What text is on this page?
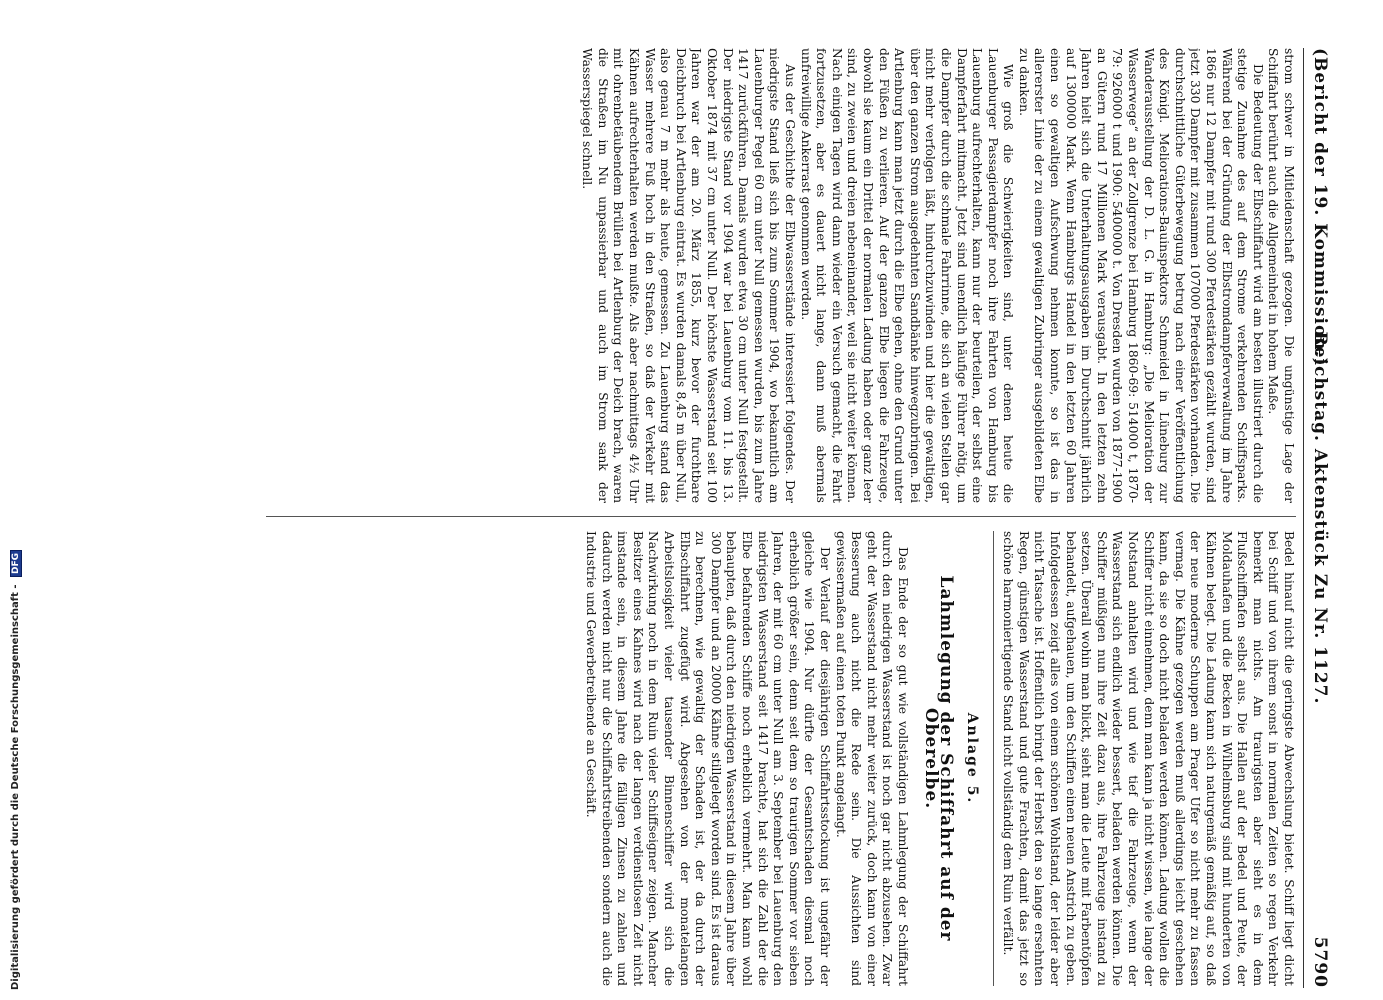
5790
Reichstag. Aktenstück Zu Nr. 1127.
(Bericht der 19. Kommission.)

Bedel hinauf nicht die geringste Abwechslung bietet. Schiff liegt dicht bei Schiff und von ihrem sonst in normalen Zeiten so regen Verkehr bemerkt man nichts. Am traurigsten aber sieht es in dem Flußschiffhafen selbst aus. Die Hallen auf der Bedel und Peute, der Moldauhafen und die Becken in Wilhelmsburg sind mit hunderten von Kähnen belegt. Die Ladung kann sich naturgemäß gemäßig auf, so daß der neue moderne Schuppen am Prager Ufer so nicht mehr zu fassen vermag. Die Kähne gezogen werden muß allerdings leicht geschehen kann, da sie so doch nicht beladen werden können. Ladung wollen die Schiffer nicht einnehmen, denn man kann ja nicht wissen, wie lange der Notstand anhalten wird und wie tief die Fahrzeuge, wenn der Wasserstand sich endlich wieder bessert, beladen werden können. Die Schiffer müßigen nun ihre Zeit dazu aus, ihre Fahrzeuge instand zu setzen. Überall wohin man blickt, sieht man die Leute mit Farbentöpfen behandelt, aufgehauen, um den Schiffen einen neuen Anstrich zu geben. Infolgedessen zeigt alles von einem schönen Wohlstand, der leider aber nicht Tatsache ist. Hoffentlich bringt der Herbst den so lange ersehnten Regen, günstigen Wasserstand und gute Frachten, damit das jetzt so schöne harmoniertigende Stand nicht vollständig dem Ruin verfällt.

Anlage 5.
Lahmlegung der Schiffahrt auf der Oberelbe.

Das Ende der so gut wie vollständigen Lahmlegung der Schiffahrt durch den niedrigen Wasserstand ist noch gar nicht abzusehen. Zwar geht der Wasserstand nicht mehr weiter zurück, doch kann von einer Besserung auch nicht die Rede sein. Die Aussichten sind gewissermaßen auf einen toten Punkt angelangt.

Der Verlauf der diesjährigen Schiffahrtsstockung ist ungefähr der gleiche wie 1904. Nur dürfte der Gesamtschaden diesmal noch erheblich größer sein, denn seit dem so traurigen Sommer vor sieben Jahren, der mit 60 cm unter Null am 3. September bei Lauenburg den niedrigsten Wasserstand seit 1417 brachte, hat sich die Zahl der die Elbe befahrenden Schiffe noch erheblich vermehrt. Man kann wohl behaupten, daß durch den niedrigen Wasserstand in diesem Jahre über 300 Dampfer und an 20000 Kähne stillgelegt worden sind. Es ist daraus zu berechnen, wie gewaltig der Schaden ist, der da durch der Elbschiffahrt zugefügt wird. Abgesehen von der monatelangen Arbeitslosigkeit vieler tausender Binnenschiffer wird sich die Nachwirkung noch in dem Ruin vieler Schiffseigner zeigen. Mancher Besitzer eines Kahnes wird nach der langen verdienstlosen Zeit nicht imstande sein, in diesem Jahre die fälligen Zinsen zu zahlen und dadurch werden nicht nur die Schiffahrtstreibenden sondern auch die Industrie und Gewerbetreibende an Geschäft.

strom schwer in Mitleidenschaft gezogen. Die ungünstige Lage der Schiffahrt berührt auch die Allgemeinheit in hohem Maße.

Die Bedeutung der Elbschiffahrt wird am besten illustriert durch die stetige Zunahme des auf dem Strome verkehrenden Schiffsparks. Während bei der Gründung der Elbstromdampferverwaltung im Jahre 1866 nur 12 Dampfer mit rund 300 Pferdestärken gezählt wurden, sind jetzt 330 Dampfer mit zusammen 107000 Pferdestärken vorhanden. Die durchschnittliche Güterbewegung betrug nach einer Veröffentlichung des Königl. Meliorations-Bauinspektors Schmeidel in Lüneburg zur Wanderausstellung der D. L. G. in Hamburg: „Die Melioration der Wasserwege“ an der Zollgrenze bei Hamburg 1860-69: 514000 t, 1870-79: 926000 t und 1900: 5400000 t. Von Dresden wurden von 1877-1900 an Gütern rund 17 Millionen Mark verausgabt. In den letzten zehn Jahren hielt sich die Unterhaltungsausgaben im Durchschnitt jährlich auf 1300000 Mark. Wenn Hamburgs Handel in den letzten 60 Jahren einen so gewaltigen Aufschwung nehmen konnte, so ist das in allererster Linie der zu einem gewaltigen Zubringer ausgebildeten Elbe zu danken.

Wie groß die Schwierigkeiten sind, unter denen heute die Lauenburger Passagierdampfer noch ihre Fahrten von Hamburg bis Lauenburg aufrechterhalten, kann nur der beurteilen, der selbst eine Dampferfahrt mitmacht. Jetzt sind unendlich häufige Führer nötig, um die Dampfer durch die schmale Fahrrinne, die sich an vielen Stellen gar nicht mehr verfolgen läßt, hindurchzuwinden und hier die gewaltigen, über den ganzen Strom ausgedehnten Sandbänke hinwegzubringen. Bei Artlenburg kann man jetzt durch die Elbe gehen, ohne den Grund unter den Füßen zu verlieren. Auf der ganzen Elbe liegen die Fahrzeuge, obwohl sie kaum ein Drittel der normalen Ladung haben oder ganz leer sind, zu zweien und dreien nebeneinander, weil sie nicht weiter können. Nach einigen Tagen wird dann wieder ein Versuch gemacht, die Fahrt fortzusetzen, aber es dauert nicht lange, dann muß abermals unfreiwillige Ankerrast genommen werden.

Aus der Geschichte der Elbwasserstände interessiert folgendes. Der niedrigste Stand ließ sich bis zum Sommer 1904, wo bekanntlich am Lauenburger Pegel 60 cm unter Null gemessen wurden, bis zum Jahre 1417 zurückführen. Damals wurden etwa 30 cm unter Null festgestellt. Der niedrigste Stand vor 1904 war bei Lauenburg vom 11. bis 13. Oktober 1874 mit 37 cm unter Null. Der höchste Wasserstand seit 100 Jahren war der am 20. März 1855, kurz bevor der furchtbare Deichbruch bei Artlenburg eintrat. Es wurden damals 8,45 m über Null, also genau 7 m mehr als heute, gemessen. Zu Lauenburg stand das Wasser mehrere Fuß hoch in den Straßen, so daß der Verkehr mit Kähnen aufrechterhalten werden mußte. Als aber nachmittags 4½ Uhr mit ohrenbetäubendem Brüllen bei Artlenburg der Deich brach, waren die Straßen im Nu unpassierbar und auch im Strom sank der Wasserspiegel schnell.

Digitalisierung gefördert durch die Deutsche Forschungsgemeinschaft - DFG
